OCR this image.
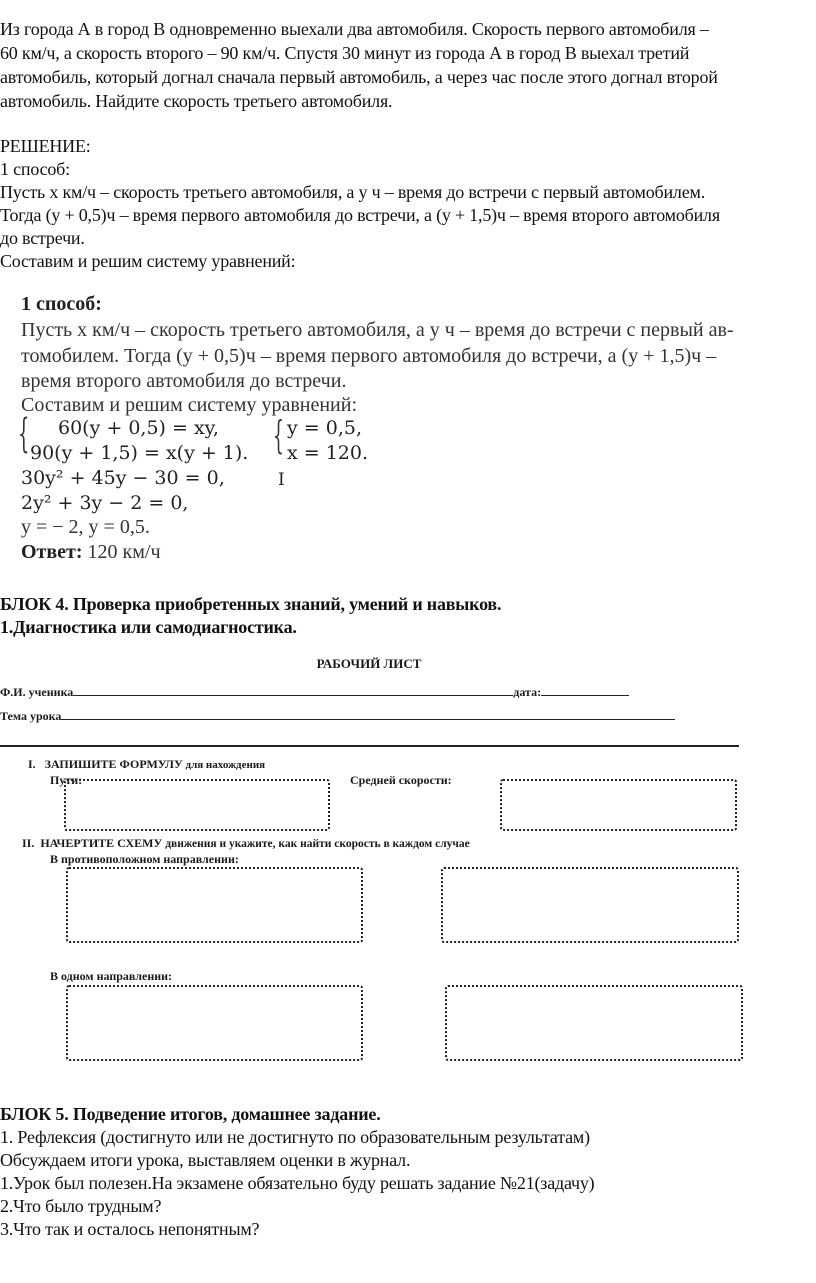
Из города А в город В одновременно выехали два автомобиля. Скорость первого автомобиля –
60 км/ч, а скорость второго – 90 км/ч. Спустя 30 минут из города А в город В выехал третий
автомобиль, который догнал сначала первый автомобиль, а через час после этого догнал второй
автомобиль. Найдите скорость третьего автомобиля.
РЕШЕНИЕ:
1 способ:
Пусть х км/ч – скорость третьего автомобиля, а у ч – время до встречи с первый автомобилем.
Тогда (у + 0,5)ч – время первого автомобиля до встречи, а (у + 1,5)ч – время второго автомобиля
до встречи.
Составим и решим систему уравнений:
1 способ:
Пусть х км/ч – скорость третьего автомобиля, а у ч – время до встречи с первый ав-
томобилем. Тогда (у + 0,5)ч – время первого автомобиля до встречи, а (у + 1,5)ч –
время второго автомобиля до встречи.
Составим и решим систему уравнений:
{ 60(y + 0,5) = xy,
90(y + 1,5) = x(y + 1). { y = 0,5,
x = 120.
I
30y² + 45y − 30 = 0,
2y² + 3y − 2 = 0,
y = − 2, y = 0,5.
Ответ: 120 км/ч
БЛОК 4. Проверка приобретенных знаний, умений и навыков.
1.Диагностика или самодиагностика.
РАБОЧИЙ ЛИСТ
Ф.И. ученика	дата:
Тема урока
I. ЗАПИШИТЕ ФОРМУЛУ для нахождения
Пути:	Средней скорости:
II. НАЧЕРТИТЕ СХЕМУ движения и укажите, как найти скорость в каждом случае
В противоположном направлении:
В одном направлении:
БЛОК 5. Подведение итогов, домашнее задание.
1. Рефлексия (достигнуто или не достигнуто по образовательным результатам)
Обсуждаем итоги урока, выставляем оценки в журнал.
1.Урок был полезен.На экзамене обязательно буду решать задание №21(задачу)
2.Что было трудным?
3.Что так и осталось непонятным?
